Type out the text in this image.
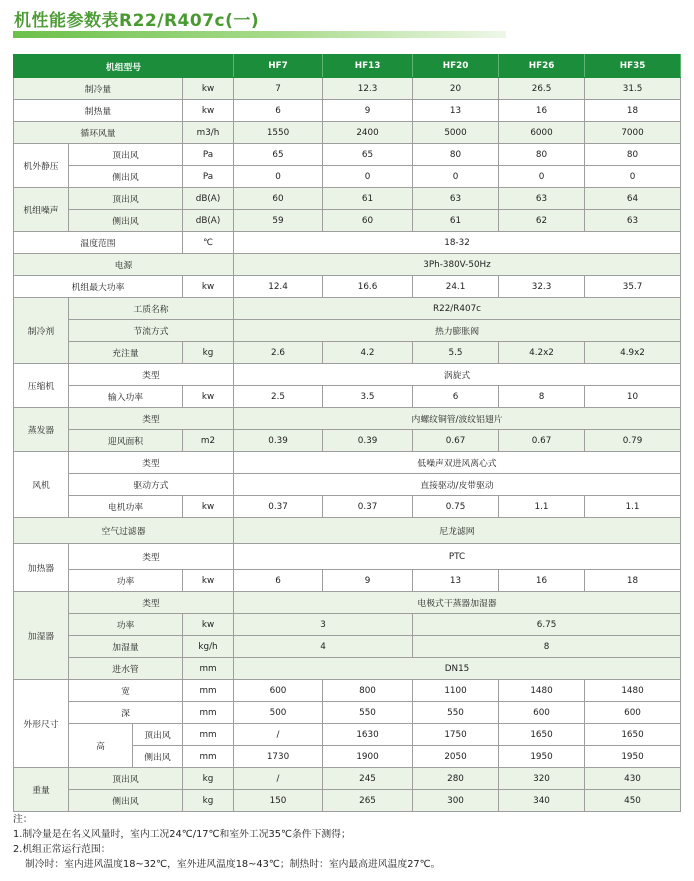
机性能参数表R22/R407c(一)
机组型号				HF7	HF13	HF20	HF26	HF35
制冷量			kw	7	12.3	20	26.5	31.5
制热量			kw	6	9	13	16	18
循环风量			m3/h	1550	2400	5000	6000	7000
机外静压	顶出风		Pa	65	65	80	80	80
	侧出风		Pa	0	0	0	0	0
机组噪声	顶出风		dB(A)	60	61	63	63	64
	侧出风		dB(A)	59	60	61	62	63
温度范围			℃	18-32				
电源				3Ph-380V-50Hz				
机组最大功率			kw	12.4	16.6	24.1	32.3	35.7
制冷剂	工质名称			R22/R407c				
	节流方式			热力膨胀阀				
	充注量		kg	2.6	4.2	5.5	4.2x2	4.9x2
压缩机	类型			涡旋式				
	输入功率		kw	2.5	3.5	6	8	10
蒸发器	类型			内螺纹铜管/波纹铝翅片				
	迎风面积		m2	0.39	0.39	0.67	0.67	0.79
风机	类型			低噪声双进风离心式				
	驱动方式			直接驱动/皮带驱动				
	电机功率		kw	0.37	0.37	0.75	1.1	1.1
空气过滤器				尼龙滤网				
加热器	类型			PTC				
	功率		kw	6	9	13	16	18
加湿器	类型			电极式干蒸器加湿器				
	功率		kw	3		6.75		
	加湿量		kg/h	4		8		
	进水管		mm	DN15				
外形尺寸	宽		mm	600	800	1100	1480	1480
	深		mm	500	550	550	600	600
	高	顶出风	mm	/	1630	1750	1650	1650
		侧出风	mm	1730	1900	2050	1950	1950
重量	顶出风		kg	/	245	280	320	430
	侧出风		kg	150	265	300	340	450
注：
1.制冷量是在名义风量时，室内工况24℃/17℃和室外工况35℃条件下测得；
2.机组正常运行范围：
制冷时：室内进风温度18~32℃，室外进风温度18~43℃；制热时：室内最高进风温度27℃。
